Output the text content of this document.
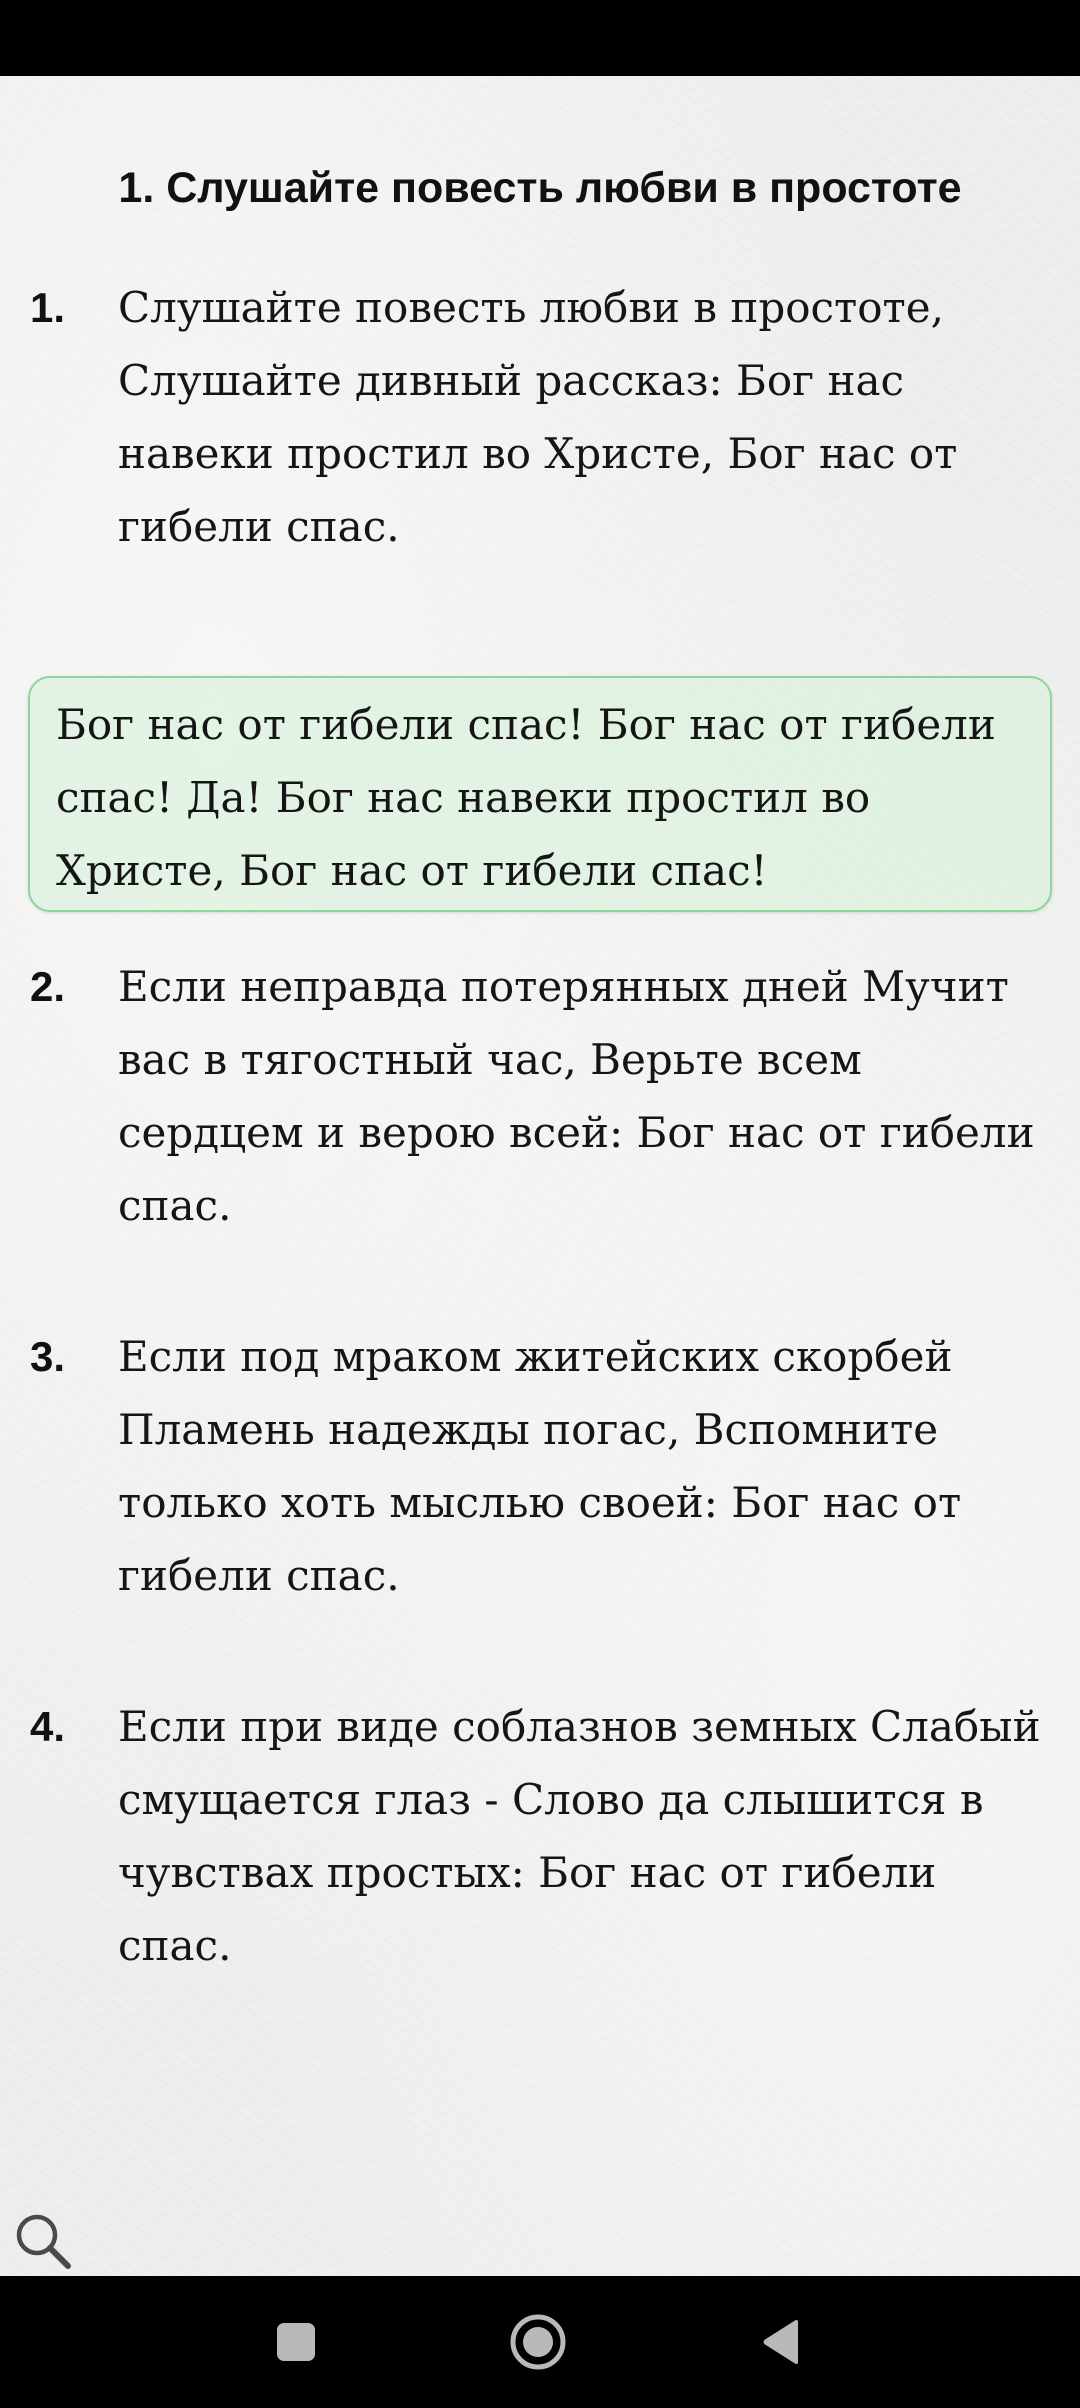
1. Слушайте повесть любви в простоте
1. Слушайте повесть любви в простоте, Слушайте дивный рассказ: Бог нас навеки простил во Христе, Бог нас от гибели спас.
Бог нас от гибели спас! Бог нас от гибели спас! Да! Бог нас навеки простил во Христе, Бог нас от гибели спас!
2. Если неправда потерянных дней Мучит вас в тягостный час, Верьте всем сердцем и верою всей: Бог нас от гибели спас.
3. Если под мраком житейских скорбей Пламень надежды погас, Вспомните только хоть мыслью своей: Бог нас от гибели спас.
4. Если при виде соблазнов земных Слабый смущается глаз - Слово да слышится в чувствах простых: Бог нас от гибели спас.
